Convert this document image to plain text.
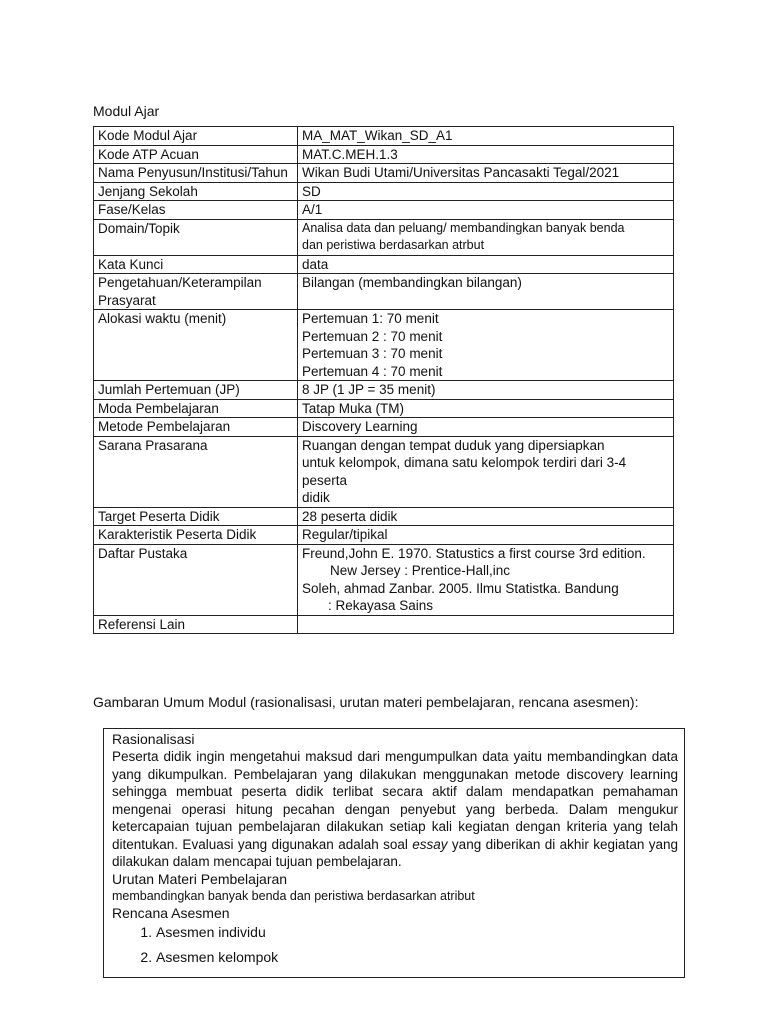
Modul Ajar
Kode Modul Ajar	MA_MAT_Wikan_SD_A1

Kode ATP Acuan	MAT.C.MEH.1.3

Nama Penyusun/Institusi/Tahun	Wikan Budi Utami/Universitas Pancasakti Tegal/2021

Jenjang Sekolah	SD

Fase/Kelas	A/1

Domain/Topik	Analisa data dan peluang/ membandingkan banyak benda
dan peristiwa berdasarkan atrbut

Kata Kunci	data

Pengetahuan/Keterampilan Prasyarat	Bilangan (membandingkan bilangan)

Alokasi waktu (menit)	Pertemuan 1: 70 menit
Pertemuan 2 : 70 menit
Pertemuan 3 : 70 menit
Pertemuan 4 : 70 menit

Jumlah Pertemuan (JP)	8 JP (1 JP = 35 menit)

Moda Pembelajaran	Tatap Muka (TM)

Metode Pembelajaran	Discovery Learning

Sarana Prasarana	Ruangan dengan tempat duduk yang dipersiapkan
untuk kelompok, dimana satu kelompok terdiri dari 3-4 peserta
didik

Target Peserta Didik	28 peserta didik

Karakteristik Peserta Didik	Regular/tipikal

Daftar Pustaka	Freund,John E. 1970. Statustics a first course 3rd edition.
New Jersey : Prentice-Hall,inc
Soleh, ahmad Zanbar. 2005. Ilmu Statistka. Bandung
: Rekayasa Sains

Referensi Lain	
Gambaran Umum Modul (rasionalisasi, urutan materi pembelajaran, rencana asesmen):
Rasionalisasi

Peserta didik ingin mengetahui maksud dari mengumpulkan data yaitu membandingkan data yang dikumpulkan. Pembelajaran yang dilakukan menggunakan metode discovery learning sehingga membuat peserta didik terlibat secara aktif dalam mendapatkan pemahaman mengenai operasi hitung pecahan dengan penyebut yang berbeda. Dalam mengukur ketercapaian tujuan pembelajaran dilakukan setiap kali kegiatan dengan kriteria yang telah ditentukan. Evaluasi yang digunakan adalah soal essay yang diberikan di akhir kegiatan yang dilakukan dalam mencapai tujuan pembelajaran.

Urutan Materi Pembelajaran
membandingkan banyak benda dan peristiwa berdasarkan atribut
Rencana Asesmen
1. Asesmen individu
2. Asesmen kelompok
